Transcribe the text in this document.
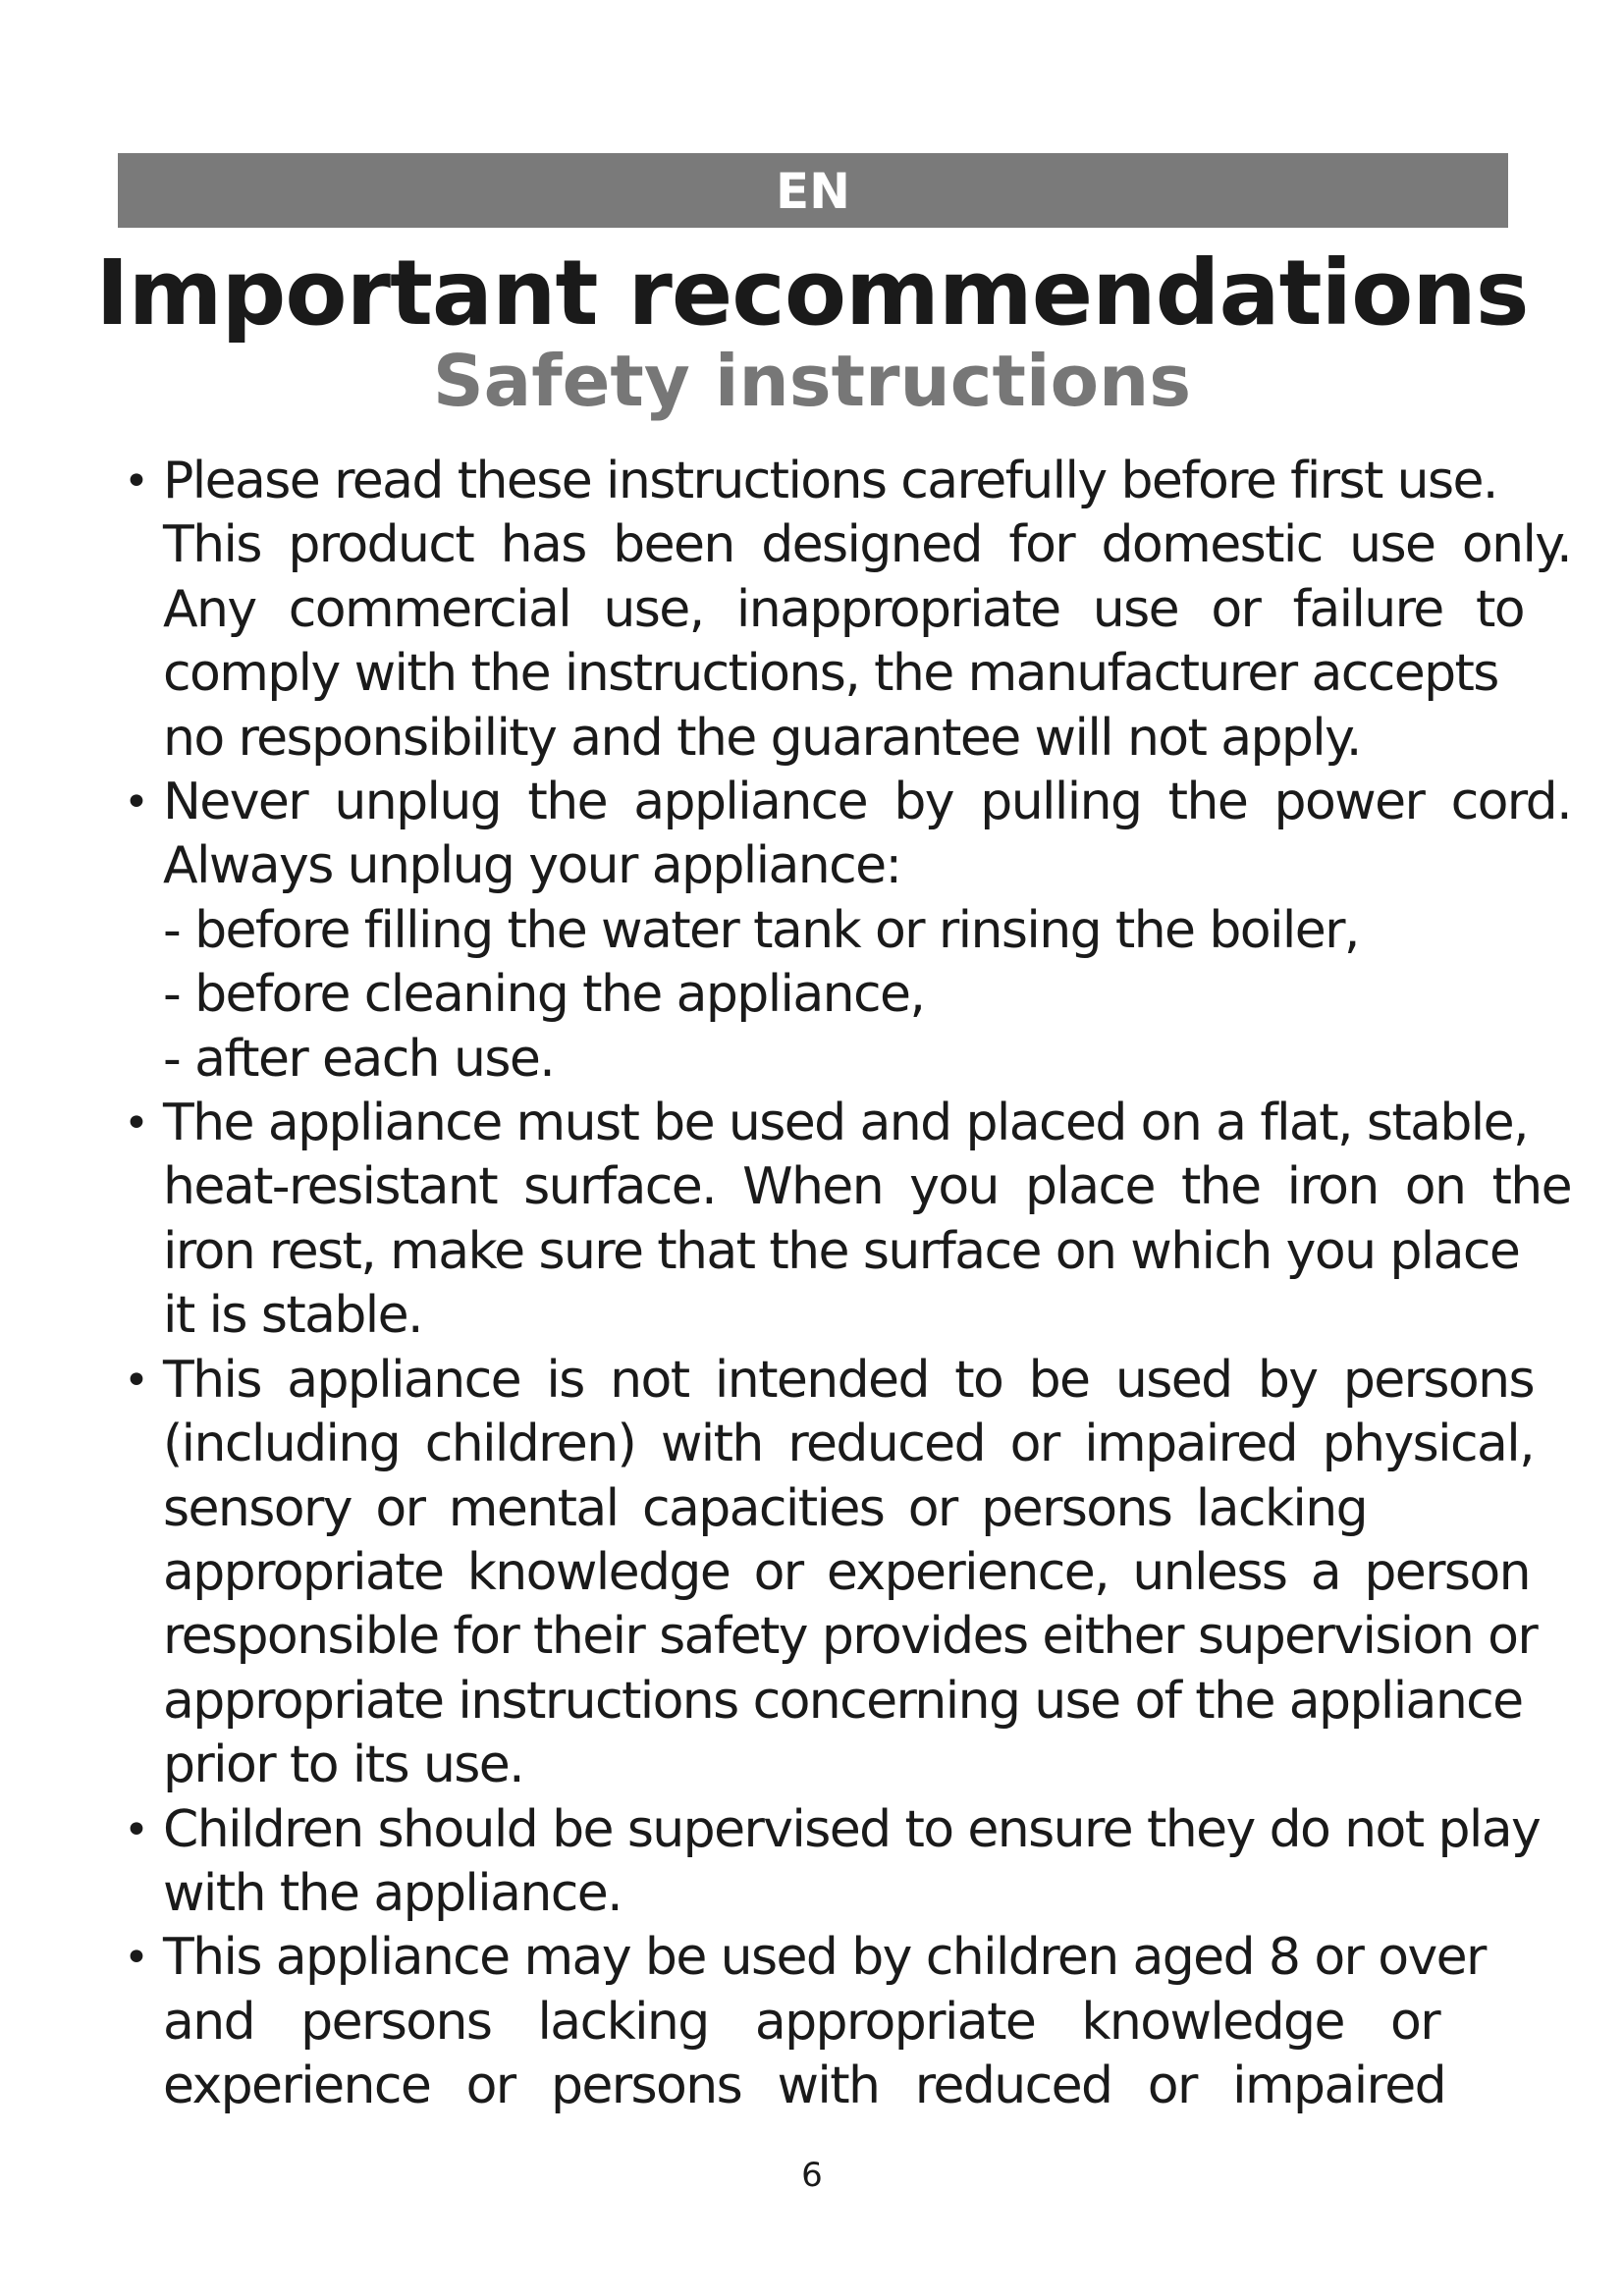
EN
Important recommendations
Safety instructions
• Please read these instructions carefully before first use.
This product has been designed for domestic use only.
Any commercial use, inappropriate use or failure to
comply with the instructions, the manufacturer accepts
no responsibility and the guarantee will not apply.
• Never unplug the appliance by pulling the power cord.
Always unplug your appliance:
- before filling the water tank or rinsing the boiler,
- before cleaning the appliance,
- after each use.
• The appliance must be used and placed on a flat, stable,
heat-resistant surface. When you place the iron on the
iron rest, make sure that the surface on which you place
it is stable.
• This appliance is not intended to be used by persons
(including children) with reduced or impaired physical,
sensory or mental capacities or persons lacking
appropriate knowledge or experience, unless a person
responsible for their safety provides either supervision or
appropriate instructions concerning use of the appliance
prior to its use.
• Children should be supervised to ensure they do not play
with the appliance.
• This appliance may be used by children aged 8 or over
and persons lacking appropriate knowledge or
experience or persons with reduced or impaired
6
